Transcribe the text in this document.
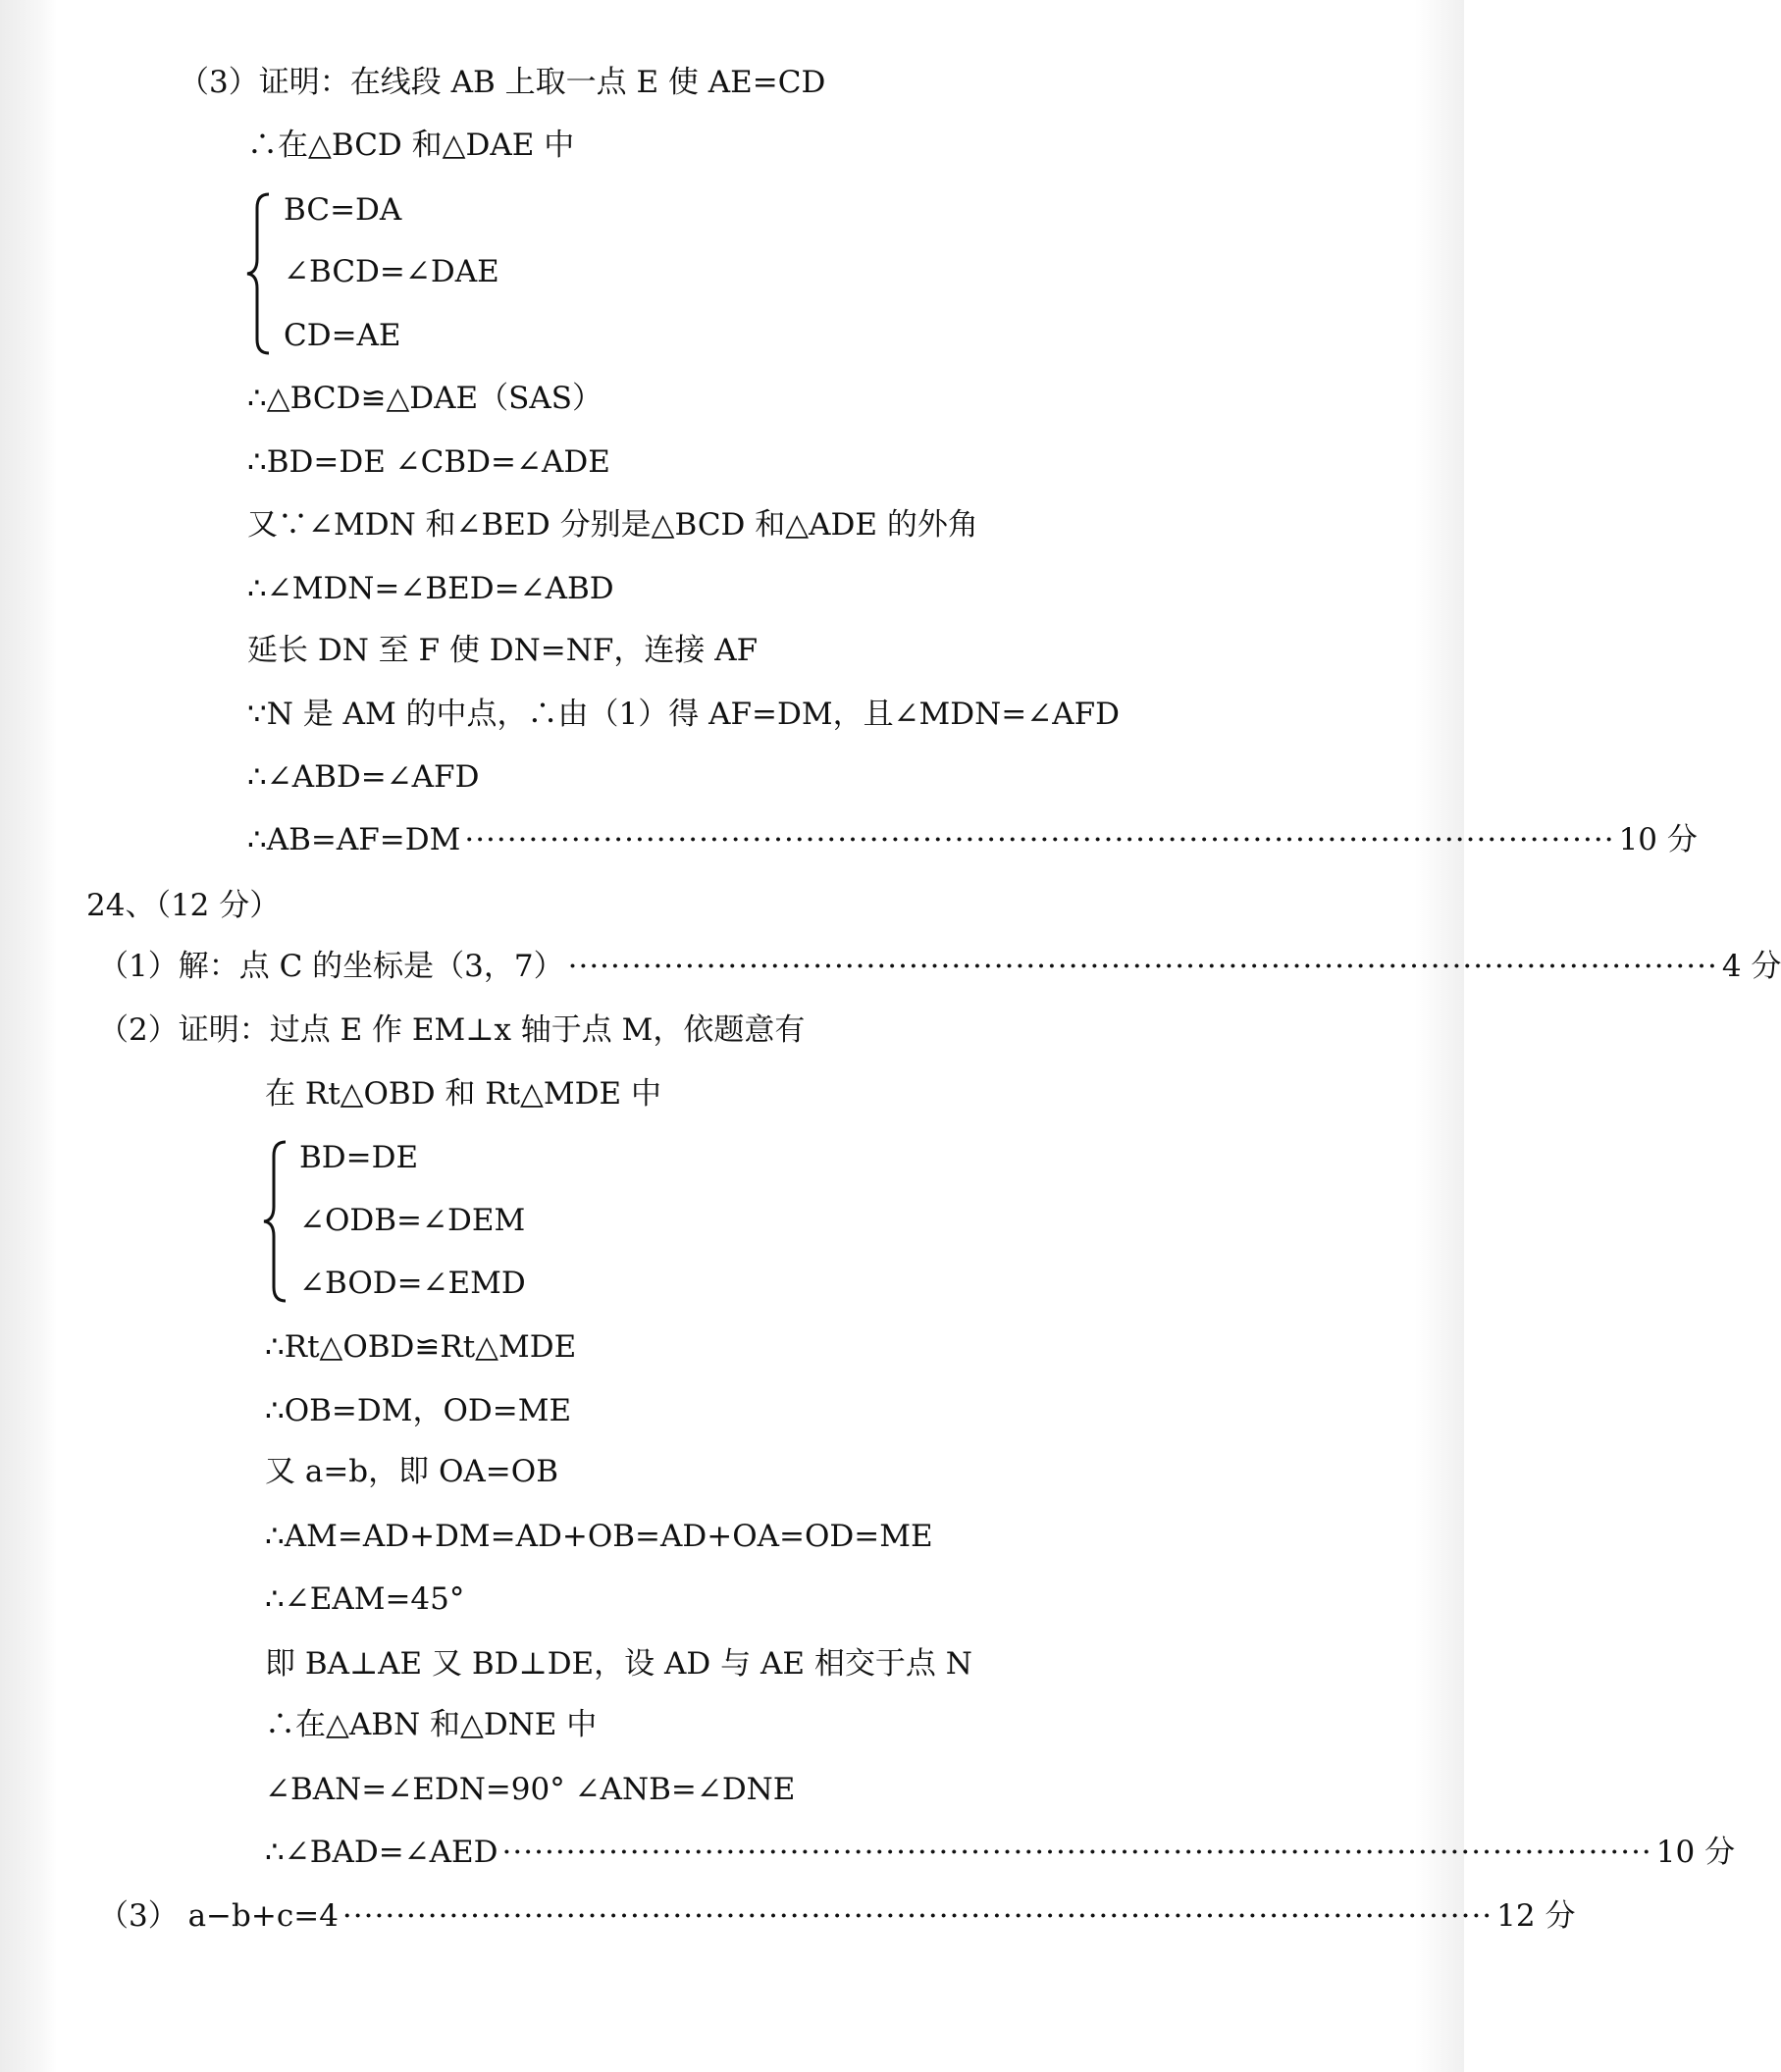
（3）证明：在线段 AB 上取一点 E 使 AE=CD
∴在△BCD 和△DAE 中
BC=DA
∠BCD=∠DAE
CD=AE
∴△BCD≌△DAE（SAS）
∴BD=DE ∠CBD=∠ADE
又∵∠MDN 和∠BED 分别是△BCD 和△ADE 的外角
∴∠MDN=∠BED=∠ABD
延长 DN 至 F 使 DN=NF，连接 AF
∵N 是 AM 的中点，∴由（1）得 AF=DM，且∠MDN=∠AFD
∴∠ABD=∠AFD
∴AB=AF=DM ············································································································ 10 分
24、（12 分）
（1）解：点 C 的坐标是（3，7） ············································································································ 4 分
（2）证明：过点 E 作 EM⊥x 轴于点 M，依题意有
在 Rt△OBD 和 Rt△MDE 中
BD=DE
∠ODB=∠DEM
∠BOD=∠EMD
∴Rt△OBD≌Rt△MDE
∴OB=DM，OD=ME
又 a=b，即 OA=OB
∴AM=AD+DM=AD+OB=AD+OA=OD=ME
∴∠EAM=45°
即 BA⊥AE 又 BD⊥DE，设 AD 与 AE 相交于点 N
∴在△ABN 和△DNE 中
∠BAN=∠EDN=90° ∠ANB=∠DNE
∴∠BAD=∠AED ············································································································ 10 分
（3） a−b+c=4 ············································································································ 12 分
